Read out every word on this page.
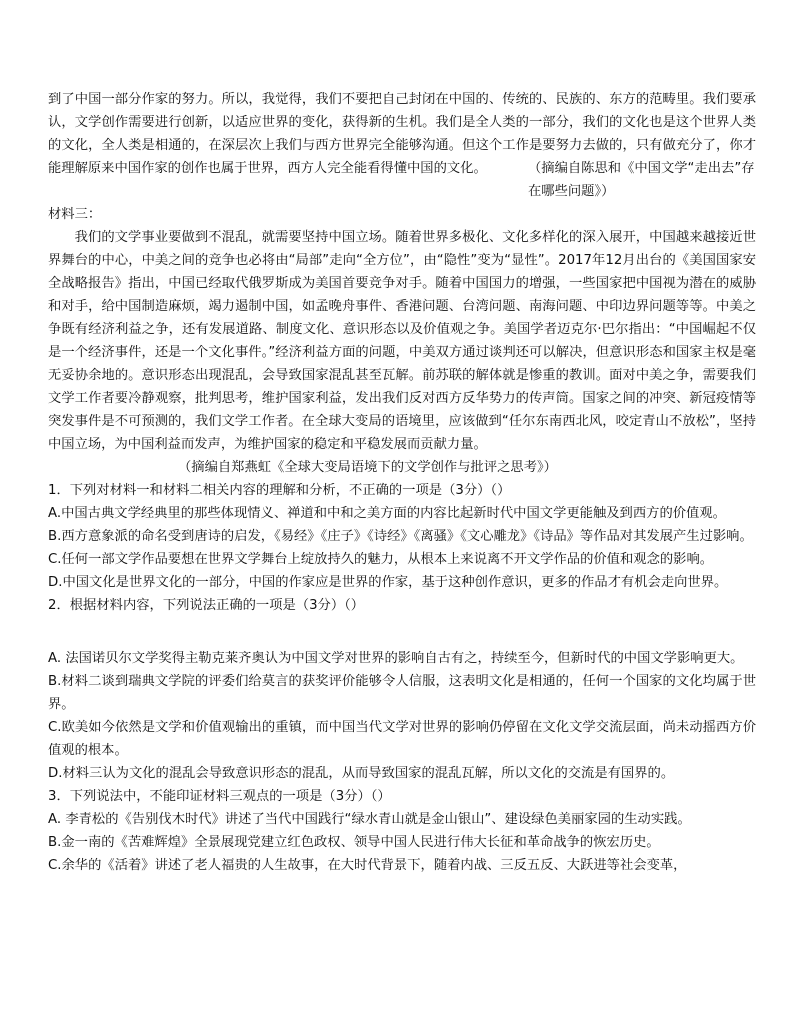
到了中国一部分作家的努力。所以，我觉得，我们不要把自己封闭在中国的、传统的、民族的、东方的范畴里。我们要承认，文学创作需要进行创新，以适应世界的变化，获得新的生机。我们是全人类的一部分，我们的文化也是这个世界人类的文化，全人类是相通的，在深层次上我们与西方世界完全能够沟通。但这个工作是要努力去做的，只有做充分了，你才能理解原来中国作家的创作也属于世界，西方人完全能看得懂中国的文化。	（摘编自陈思和《中国文学“走出去”存在哪些问题》）

材料三：

我们的文学事业要做到不混乱，就需要坚持中国立场。随着世界多极化、文化多样化的深入展开，中国越来越接近世界舞台的中心，中美之间的竞争也必将由“局部”走向“全方位”，由“隐性”变为“显性”。2017年12月出台的《美国国家安全战略报告》指出，中国已经取代俄罗斯成为美国首要竞争对手。随着中国国力的增强，一些国家把中国视为潜在的威胁和对手，给中国制造麻烦，竭力遏制中国，如孟晚舟事件、香港问题、台湾问题、南海问题、中印边界问题等等。中美之争既有经济利益之争，还有发展道路、制度文化、意识形态以及价值观之争。美国学者迈克尔·巴尔指出：“中国崛起不仅是一个经济事件，还是一个文化事件。”经济利益方面的问题，中美双方通过谈判还可以解决，但意识形态和国家主权是毫无妥协余地的。意识形态出现混乱，会导致国家混乱甚至瓦解。前苏联的解体就是惨重的教训。面对中美之争，需要我们文学工作者要冷静观察，批判思考，维护国家利益，发出我们反对西方反华势力的传声筒。国家之间的冲突、新冠疫情等突发事件是不可预测的，我们文学工作者。在全球大变局的语境里，应该做到“任尔东南西北风，咬定青山不放松”，坚持中国立场，为中国利益而发声，为维护国家的稳定和平稳发展而贡献力量。

（摘编自郑燕虹《全球大变局语境下的文学创作与批评之思考》）

1．下列对材料一和材料二相关内容的理解和分析，不正确的一项是（3分）（）

A.中国古典文学经典里的那些体现情义、禅道和中和之美方面的内容比起新时代中国文学更能触及到西方的价值观。

B.西方意象派的命名受到唐诗的启发，《易经》《庄子》《诗经》《离骚》《文心雕龙》《诗品》等作品对其发展产生过影响。

C.任何一部文学作品要想在世界文学舞台上绽放持久的魅力，从根本上来说离不开文学作品的价值和观念的影响。

D.中国文化是世界文化的一部分，中国的作家应是世界的作家，基于这种创作意识，更多的作品才有机会走向世界。

2．根据材料内容，下列说法正确的一项是（3分）（）

A. 法国诺贝尔文学奖得主勒克莱齐奥认为中国文学对世界的影响自古有之，持续至今，但新时代的中国文学影响更大。

B.材料二谈到瑞典文学院的评委们给莫言的获奖评价能够令人信服，这表明文化是相通的，任何一个国家的文化均属于世界。

C.欧美如今依然是文学和价值观输出的重镇，而中国当代文学对世界的影响仍停留在文化文学交流层面，尚未动摇西方价值观的根本。

D.材料三认为文化的混乱会导致意识形态的混乱，从而导致国家的混乱瓦解，所以文化的交流是有国界的。

3．下列说法中，不能印证材料三观点的一项是（3分）（）

A. 李青松的《告别伐木时代》讲述了当代中国践行“绿水青山就是金山银山”、建设绿色美丽家园的生动实践。

B.金一南的《苦难辉煌》全景展现党建立红色政权、领导中国人民进行伟大长征和革命战争的恢宏历史。

C.余华的《活着》讲述了老人福贵的人生故事，在大时代背景下，随着内战、三反五反、大跃进等社会变革，
